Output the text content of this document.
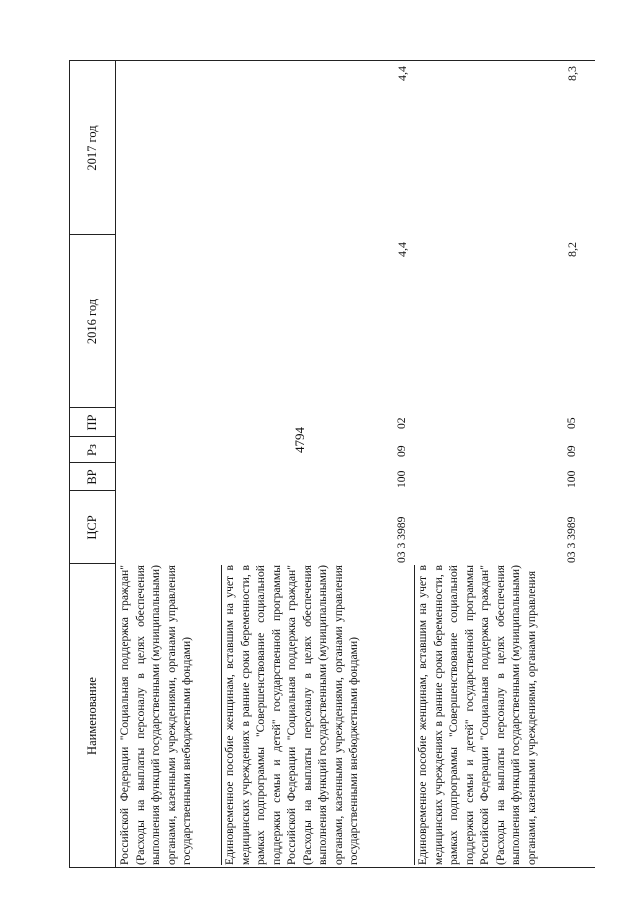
4794
Наименование
ЦСР
ВР
Рз
ПР
2016 год
2017 год
Российской Федерации "Социальная поддержка граждан" (Расходы на выплаты персоналу в целях обеспечения выполнения функций государственными (муниципальными) органами, казенными учреждениями, органами управления государственными внебюджетными фондами)	Единовременное пособие женщинам, вставшим на учет в медицинских учреждениях в ранние сроки беременности, в рамках подпрограммы "Совершенствование социальной поддержки семьи и детей" государственной программы Российской Федерации "Социальная поддержка граждан" (Расходы на выплаты персоналу в целях обеспечения выполнения функций государственными (муниципальными) органами, казенными учреждениями, органами управления государственными внебюджетными фондами)
03 3 3989
100
09
02
4,4
4,4
Единовременное пособие женщинам, вставшим на учет в медицинских учреждениях в ранние сроки беременности, в рамках подпрограммы "Совершенствование социальной поддержки семьи и детей" государственной программы Российской Федерации "Социальная поддержка граждан" (Расходы на выплаты персоналу в целях обеспечения выполнения функций государственными (муниципальными) органами, казенными учреждениями, органами управления
03 3 3989
100
09
05
8,2
8,3
